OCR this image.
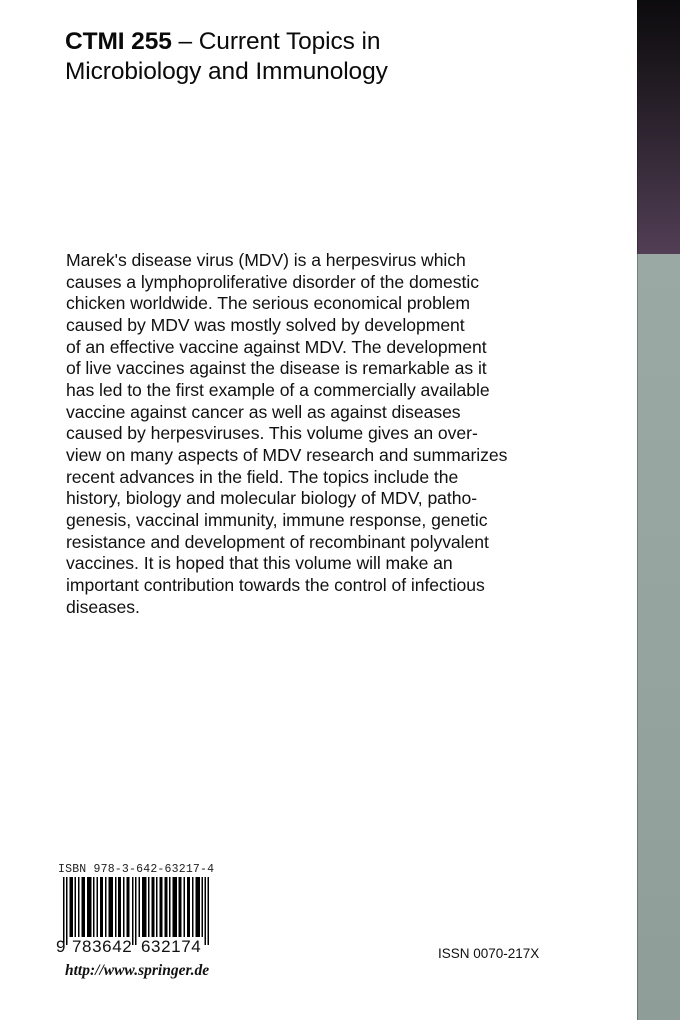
CTMI 255 – Current Topics in
Microbiology and Immunology
Marek's disease virus (MDV) is a herpesvirus which
causes a lymphoproliferative disorder of the domestic
chicken worldwide. The serious economical problem
caused by MDV was mostly solved by development
of an effective vaccine against MDV. The development
of live vaccines against the disease is remarkable as it
has led to the first example of a commercially available
vaccine against cancer as well as against diseases
caused by herpesviruses. This volume gives an over-
view on many aspects of MDV research and summarizes
recent advances in the field. The topics include the
history, biology and molecular biology of MDV, patho-
genesis, vaccinal immunity, immune response, genetic
resistance and development of recombinant polyvalent
vaccines. It is hoped that this volume will make an
important contribution towards the control of infectious
diseases.
ISBN 978-3-642-63217-4
9 783642 632174
http://www.springer.de
ISSN 0070-217X
